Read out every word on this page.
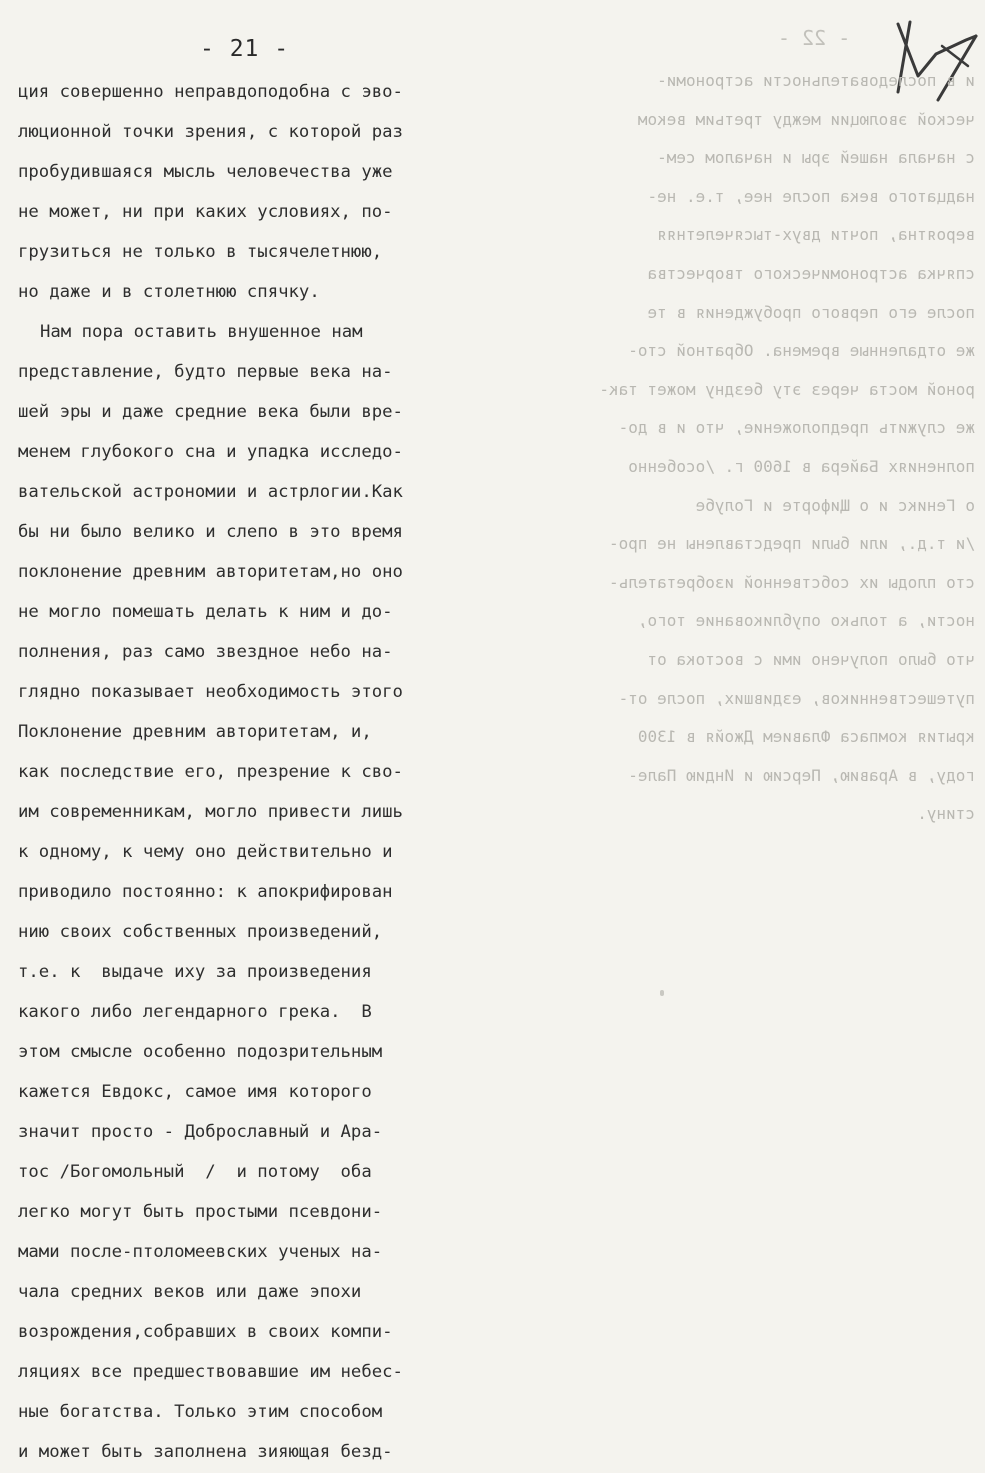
- 21 -	- 22 -
ция совершенно неправдоподобна с эво-
люционной точки зрения, с которой раз
пробудившаяся мысль человечества уже
не может, ни при каких условиях, по-
грузиться не только в тысячелетнюю,
но даже и в столетнюю спячку.
Нам пора оставить внушенное нам
представление, будто первые века на-
шей эры и даже средние века были вре-
менем глубокого сна и упадка исследо-
вательской астрономии и астрлогии.Как
бы ни было велико и слепо в это время
поклонение древним авторитетам,но оно
не могло помешать делать к ним и до-
полнения, раз само звездное небо на-
глядно показывает необходимость этого
Поклонение древним авторитетам, и,
как последствие его, презрение к сво-
им современникам, могло привести лишь
к одному, к чему оно действительно и
приводило постоянно: к апокрифирован
нию своих собственных произведений,
т.е. к  выдаче иху за произведения
какого либо легендарного грека.  В
этом смысле особенно подозрительным
кажется Евдокс, самое имя которого
значит просто - Доброславный и Ара-
тос /Богомольный  /  и потому  оба
легко могут быть простыми псевдони-
мами после-птоломеевских ученых на-
чала средних веков или даже эпохи
возрождения,собравших в своих компи-
ляциях все предшествовавшие им небес-
ные богатства. Только этим способом
и может быть заполнена зияющая безд-
и в последовательности астрономи-
ческой эволюции между третьим веком
с начала нашей эры и началом сем-
надцатого века после нее, т.е. не-
вероятна, почти двух-тысячелетняя
спячка астрономического творчества
после его первого пробуждения в те
же отдаленные времена. Обратной сто-
роной моста через эту бездну может так-
же служить предположение, что и в до-
полнениях Байера в 1600 г. /особенно
о Геникс и о Щифорте и Голубе
/и т.д., или были представлены не про-
сто плоды их собственной изобретатель-
ности, а только опубликование того,
что было получено ими с востока от
путешественников, ездивших, после от-
крытия компаса Флавием Джойя в 1300
году, в Аравию, Персию и Индию Пале-
стину.
